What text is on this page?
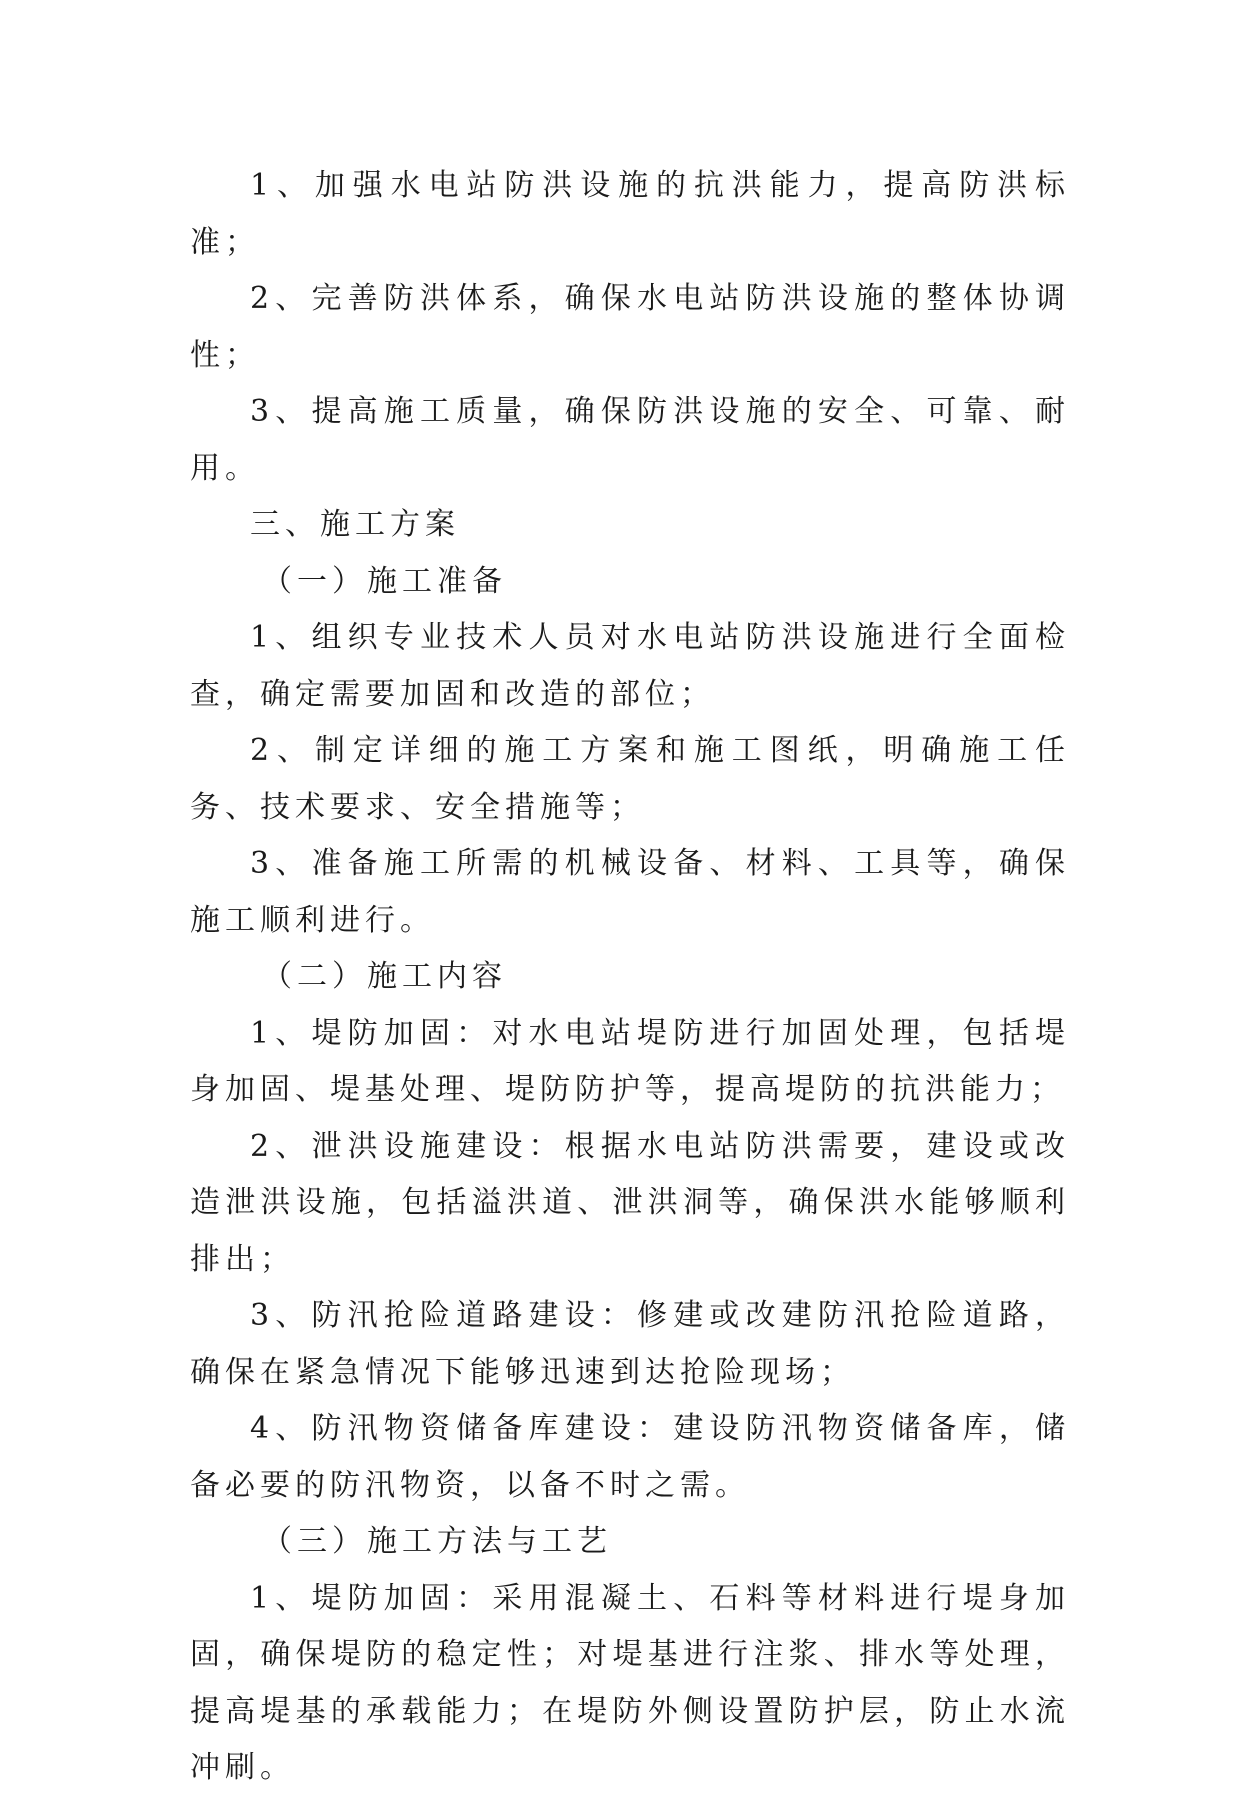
1、加强水电站防洪设施的抗洪能力，提高防洪标准；

2、完善防洪体系，确保水电站防洪设施的整体协调性；

3、提高施工质量，确保防洪设施的安全、可靠、耐用。

三、施工方案

（一）施工准备

1、组织专业技术人员对水电站防洪设施进行全面检查，确定需要加固和改造的部位；

2、制定详细的施工方案和施工图纸，明确施工任务、技术要求、安全措施等；

3、准备施工所需的机械设备、材料、工具等，确保施工顺利进行。

（二）施工内容

1、堤防加固：对水电站堤防进行加固处理，包括堤身加固、堤基处理、堤防防护等，提高堤防的抗洪能力；

2、泄洪设施建设：根据水电站防洪需要，建设或改造泄洪设施，包括溢洪道、泄洪洞等，确保洪水能够顺利排出；

3、防汛抢险道路建设：修建或改建防汛抢险道路，确保在紧急情况下能够迅速到达抢险现场；

4、防汛物资储备库建设：建设防汛物资储备库，储备必要的防汛物资，以备不时之需。

（三）施工方法与工艺

1、堤防加固：采用混凝土、石料等材料进行堤身加固，确保堤防的稳定性；对堤基进行注浆、排水等处理，提高堤基的承载能力；在堤防外侧设置防护层，防止水流冲刷。
